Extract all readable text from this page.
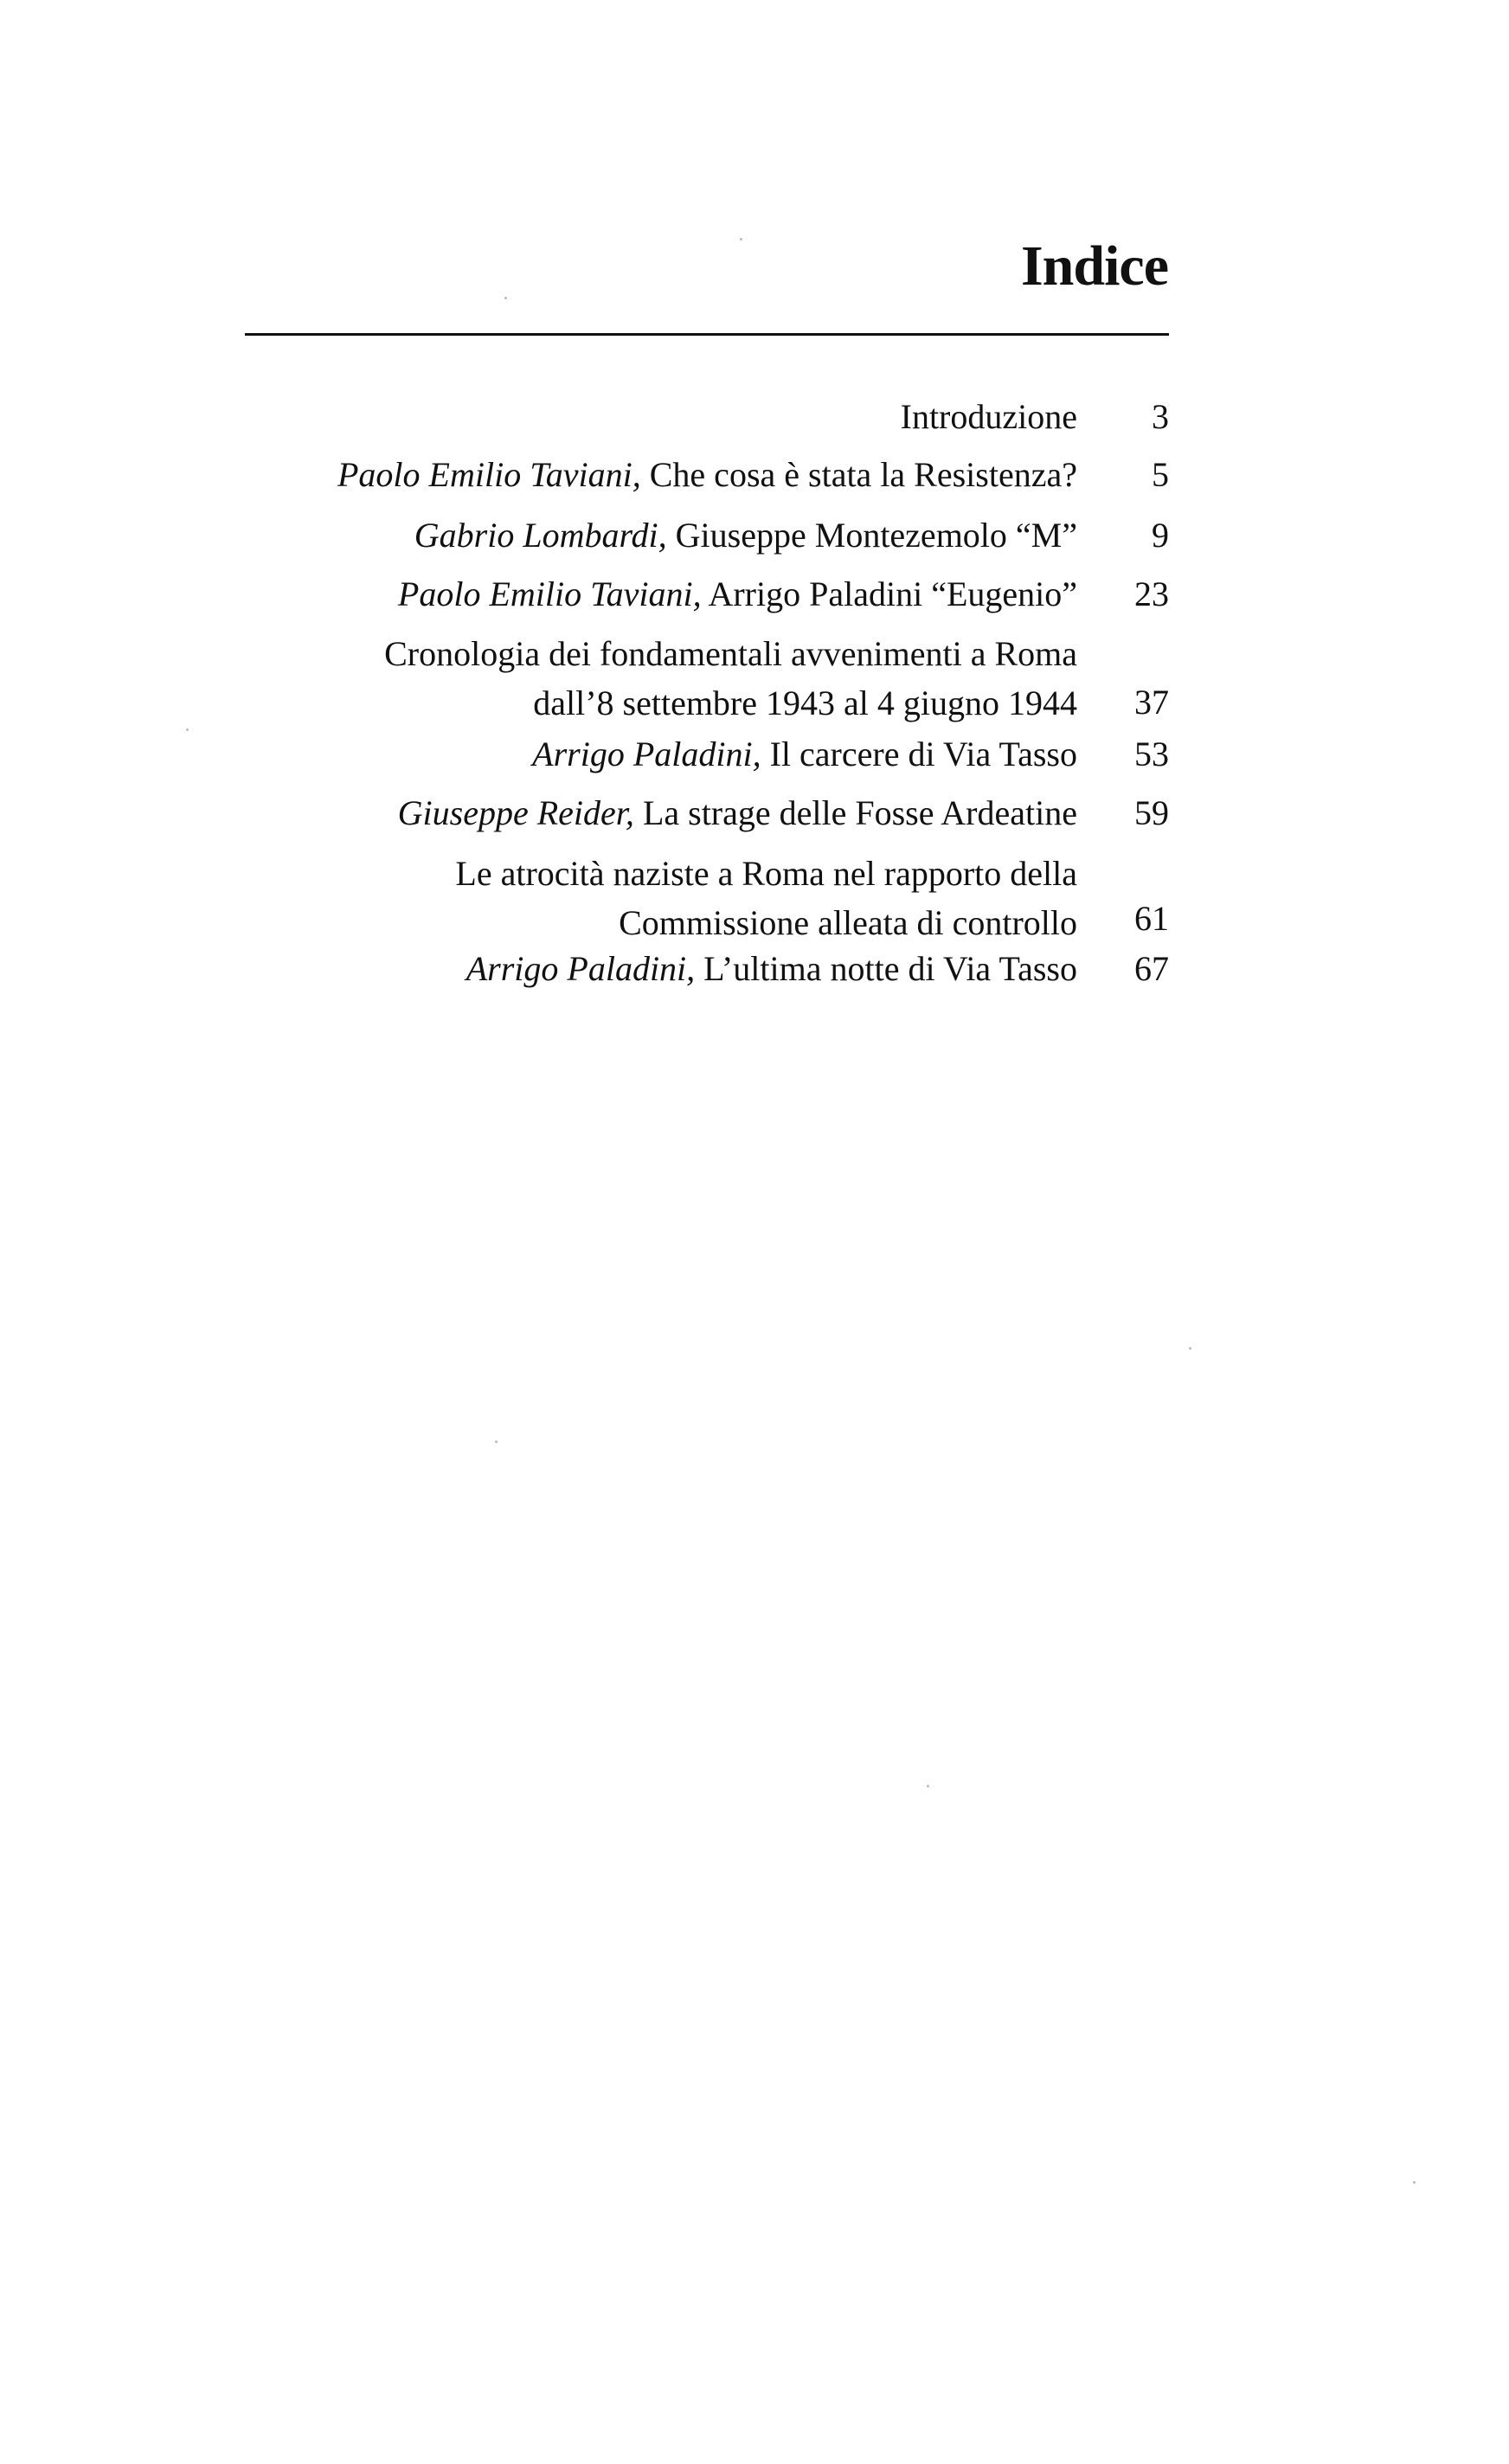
Indice
Introduzione	3
Paolo Emilio Taviani, Che cosa è stata la Resistenza?	5
Gabrio Lombardi, Giuseppe Montezemolo “M”	9
Paolo Emilio Taviani, Arrigo Paladini “Eugenio”	23
Cronologia dei fondamentali avvenimenti a Roma
dall’8 settembre 1943 al 4 giugno 1944	37
Arrigo Paladini, Il carcere di Via Tasso	53
Giuseppe Reider, La strage delle Fosse Ardeatine	59
Le atrocità naziste a Roma nel rapporto della
Commissione alleata di controllo	61
Arrigo Paladini, L’ultima notte di Via Tasso	67
